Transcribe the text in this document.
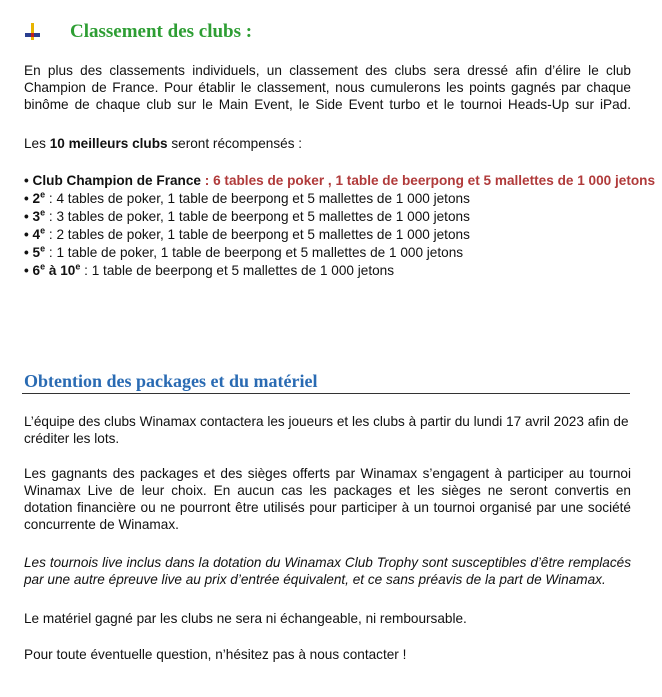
Classement des clubs :

En plus des classements individuels, un classement des clubs sera dressé afin d’élire le club Champion de France. Pour établir le classement, nous cumulerons les points gagnés par chaque binôme de chaque club sur le Main Event, le Side Event turbo et le tournoi Heads-Up sur iPad.

Les 10 meilleurs clubs seront récompensés :

• Club Champion de France : 6 tables de poker , 1 table de beerpong et 5 mallettes de 1 000 jetons
• 2e : 4 tables de poker, 1 table de beerpong et 5 mallettes de 1 000 jetons
• 3e : 3 tables de poker, 1 table de beerpong et 5 mallettes de 1 000 jetons
• 4e : 2 tables de poker, 1 table de beerpong et 5 mallettes de 1 000 jetons
• 5e : 1 table de poker, 1 table de beerpong et 5 mallettes de 1 000 jetons
• 6e à 10e : 1 table de beerpong et 5 mallettes de 1 000 jetons
Obtention des packages et du matériel

L’équipe des clubs Winamax contactera les joueurs et les clubs à partir du lundi 17 avril 2023 afin de créditer les lots.

Les gagnants des packages et des sièges offerts par Winamax s’engagent à participer au tournoi Winamax Live de leur choix. En aucun cas les packages et les sièges ne seront convertis en dotation financière ou ne pourront être utilisés pour participer à un tournoi organisé par une société concurrente de Winamax.

Les tournois live inclus dans la dotation du Winamax Club Trophy sont susceptibles d’être remplacés par une autre épreuve live au prix d’entrée équivalent, et ce sans préavis de la part de Winamax.

Le matériel gagné par les clubs ne sera ni échangeable, ni remboursable.

Pour toute éventuelle question, n’hésitez pas à nous contacter !
